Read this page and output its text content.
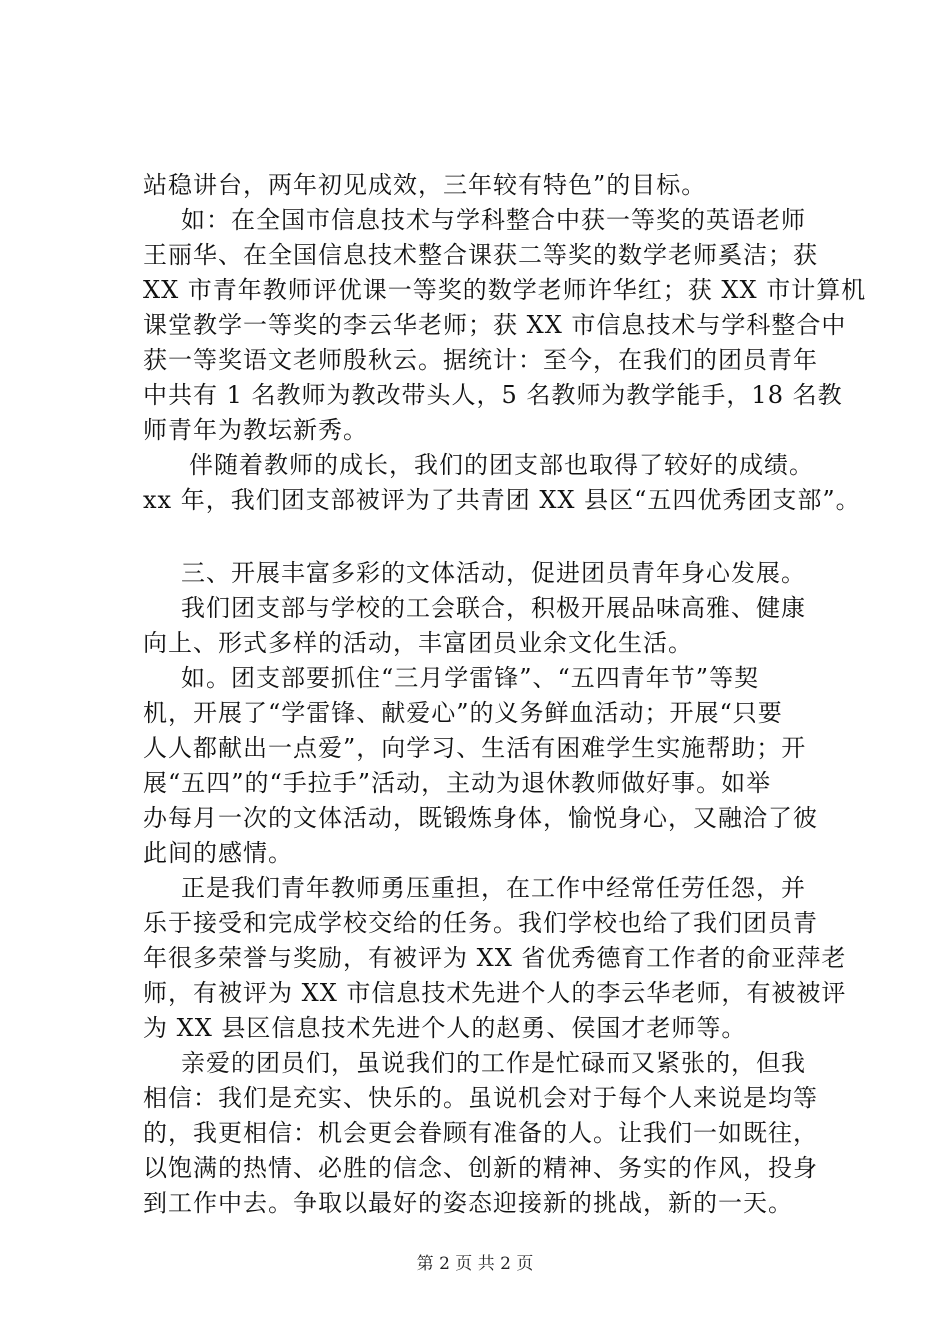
站稳讲台，两年初见成效，三年较有特色”的目标。
如：在全国市信息技术与学科整合中获一等奖的英语老师
王丽华、在全国信息技术整合课获二等奖的数学老师奚洁；获
XX 市青年教师评优课一等奖的数学老师许华红；获 XX 市计算机
课堂教学一等奖的李云华老师；获 XX 市信息技术与学科整合中
获一等奖语文老师殷秋云。据统计：至今，在我们的团员青年
中共有 1 名教师为教改带头人，5 名教师为教学能手，18 名教
师青年为教坛新秀。
伴随着教师的成长，我们的团支部也取得了较好的成绩。
xx 年，我们团支部被评为了共青团 XX 县区“五四优秀团支部”。
三、开展丰富多彩的文体活动，促进团员青年身心发展。
我们团支部与学校的工会联合，积极开展品味高雅、健康
向上、形式多样的活动，丰富团员业余文化生活。
如。团支部要抓住“三月学雷锋”、“五四青年节”等契
机，开展了“学雷锋、献爱心”的义务鲜血活动；开展“只要
人人都献出一点爱”，向学习、生活有困难学生实施帮助；开
展“五四”的“手拉手”活动，主动为退休教师做好事。如举
办每月一次的文体活动，既锻炼身体，愉悦身心，又融洽了彼
此间的感情。
正是我们青年教师勇压重担，在工作中经常任劳任怨，并
乐于接受和完成学校交给的任务。我们学校也给了我们团员青
年很多荣誉与奖励，有被评为 XX 省优秀德育工作者的俞亚萍老
师，有被评为 XX 市信息技术先进个人的李云华老师，有被被评
为 XX 县区信息技术先进个人的赵勇、侯国才老师等。
亲爱的团员们，虽说我们的工作是忙碌而又紧张的，但我
相信：我们是充实、快乐的。虽说机会对于每个人来说是均等
的，我更相信：机会更会眷顾有准备的人。让我们一如既往，
以饱满的热情、必胜的信念、创新的精神、务实的作风，投身
到工作中去。争取以最好的姿态迎接新的挑战，新的一天。
第 2 页 共 2 页
